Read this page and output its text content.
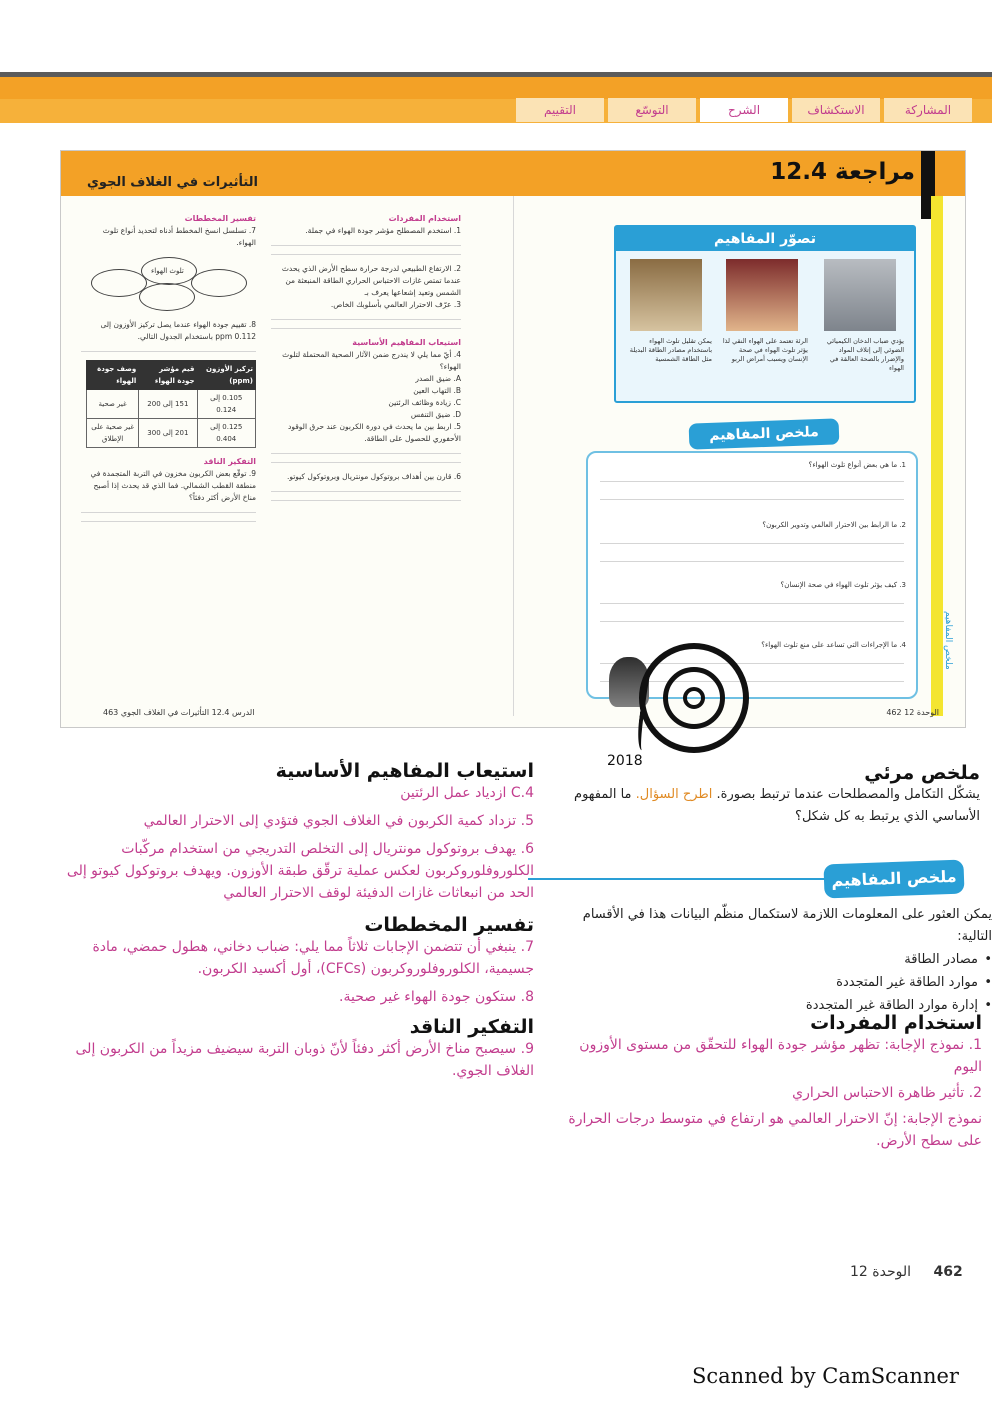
المشاركة
الاستكشاف
الشرح
التوسّع
التقييم
12.4 مراجعة
التأثيرات في الغلاف الجوي
ملخص المفاهيم
تفسير المخططات
7. تسلسل انسخ المخطط أدناه لتحديد أنواع تلوث الهواء.
تلوث الهواء
8. تقييم جودة الهواء عندما يصل تركيز الأوزون إلى 0.112 ppm باستخدام الجدول التالي.
تركيز الأوزون (ppm)	قيم مؤشر جودة الهواء	وصف جودة الهواء
0.105 إلى 0.124	151 إلى 200	غير صحية
0.125 إلى 0.404	201 إلى 300	غير صحية على الإطلاق
التفكير الناقد
9. توقّع بعض الكربون مخزون في التربة المتجمدة في منطقة القطب الشمالي. فما الذي قد يحدث إذا أصبح مناخ الأرض أكثر دفئاً؟
استخدام المفردات
1. استخدم المصطلح مؤشر جودة الهواء في جملة.
2. الارتفاع الطبيعي لدرجة حرارة سطح الأرض الذي يحدث عندما تمتص غازات الاحتباس الحراري الطاقة المنبعثة من الشمس وتعيد إشعاعها يعرف بـ
3. عرّف الاحترار العالمي بأسلوبك الخاص.
استيعاب المفاهيم الأساسية
4. أيّ مما يلي لا يندرج ضمن الآثار الصحية المحتملة لتلوث الهواء؟
A. ضيق الصدر
B. التهاب العين
C. زيادة وظائف الرئتين
D. ضيق التنفس
5. اربط بين ما يحدث في دورة الكربون عند حرق الوقود الأحفوري للحصول على الطاقة.
6. قارن بين أهداف بروتوكول مونتريال وبروتوكول كيوتو.
تصوّر المفاهيم
يؤدي ضباب الدخان الكيميائي الضوئي إلى إتلاف المواد والإضرار بالصحة العالقة في الهواء
الرئة تعتمد على الهواء النقي لذا يؤثر تلوث الهواء في صحة الإنسان ويسبب أمراض الربو
يمكن تقليل تلوث الهواء باستخدام مصادر الطاقة البديلة مثل الطاقة الشمسية
ملخص المفاهيم
1. ما هي بعض أنواع تلوث الهواء؟
2. ما الرابط بين الاحترار العالمي وتدوير الكربون؟
3. كيف يؤثر تلوث الهواء في صحة الإنسان؟
4. ما الإجراءات التي تساعد على منع تلوث الهواء؟
2018
462 الوحدة 12
463 الدرس 12.4 التأثيرات في الغلاف الجوي
ملخص مرئي
يشكّل التكامل والمصطلحات عندما ترتبط بصورة. اطرح السؤال. ما المفهوم الأساسي الذي يرتبط به كل شكل؟
ملخص المفاهيم
يمكن العثور على المعلومات اللازمة لاستكمال منظّم البيانات هذا في الأقسام التالية:
• مصادر الطاقة
• موارد الطاقة غير المتجددة
• إدارة موارد الطاقة غير المتجددة
استخدام المفردات
1. نموذج الإجابة: تظهر مؤشر جودة الهواء للتحقّق من مستوى الأوزون اليوم
2. تأثير ظاهرة الاحتباس الحراري
نموذج الإجابة: إنّ الاحترار العالمي هو ارتفاع في متوسط درجات الحرارة على سطح الأرض.
استيعاب المفاهيم الأساسية
4.C ازدياد عمل الرئتين
5. تزداد كمية الكربون في الغلاف الجوي فتؤدي إلى الاحترار العالمي
6. يهدف بروتوكول مونتريال إلى التخلص التدريجي من استخدام مركّبات الكلوروفلوروكربون لعكس عملية ترقّق طبقة الأوزون. ويهدف بروتوكول كيوتو إلى الحد من انبعاثات غازات الدفيئة لوقف الاحترار العالمي
تفسير المخططات
7. ينبغي أن تتضمن الإجابات ثلاثاً مما يلي: ضباب دخاني، هطول حمضي، مادة جسيمية، الكلوروفلوروكربون (CFCs)، أول أكسيد الكربون.
8. ستكون جودة الهواء غير صحية.
التفكير الناقد
9. سيصبح مناخ الأرض أكثر دفئاً لأنّ ذوبان التربة سيضيف مزيداً من الكربون إلى الغلاف الجوي.
462 الوحدة 12
Scanned by CamScanner
